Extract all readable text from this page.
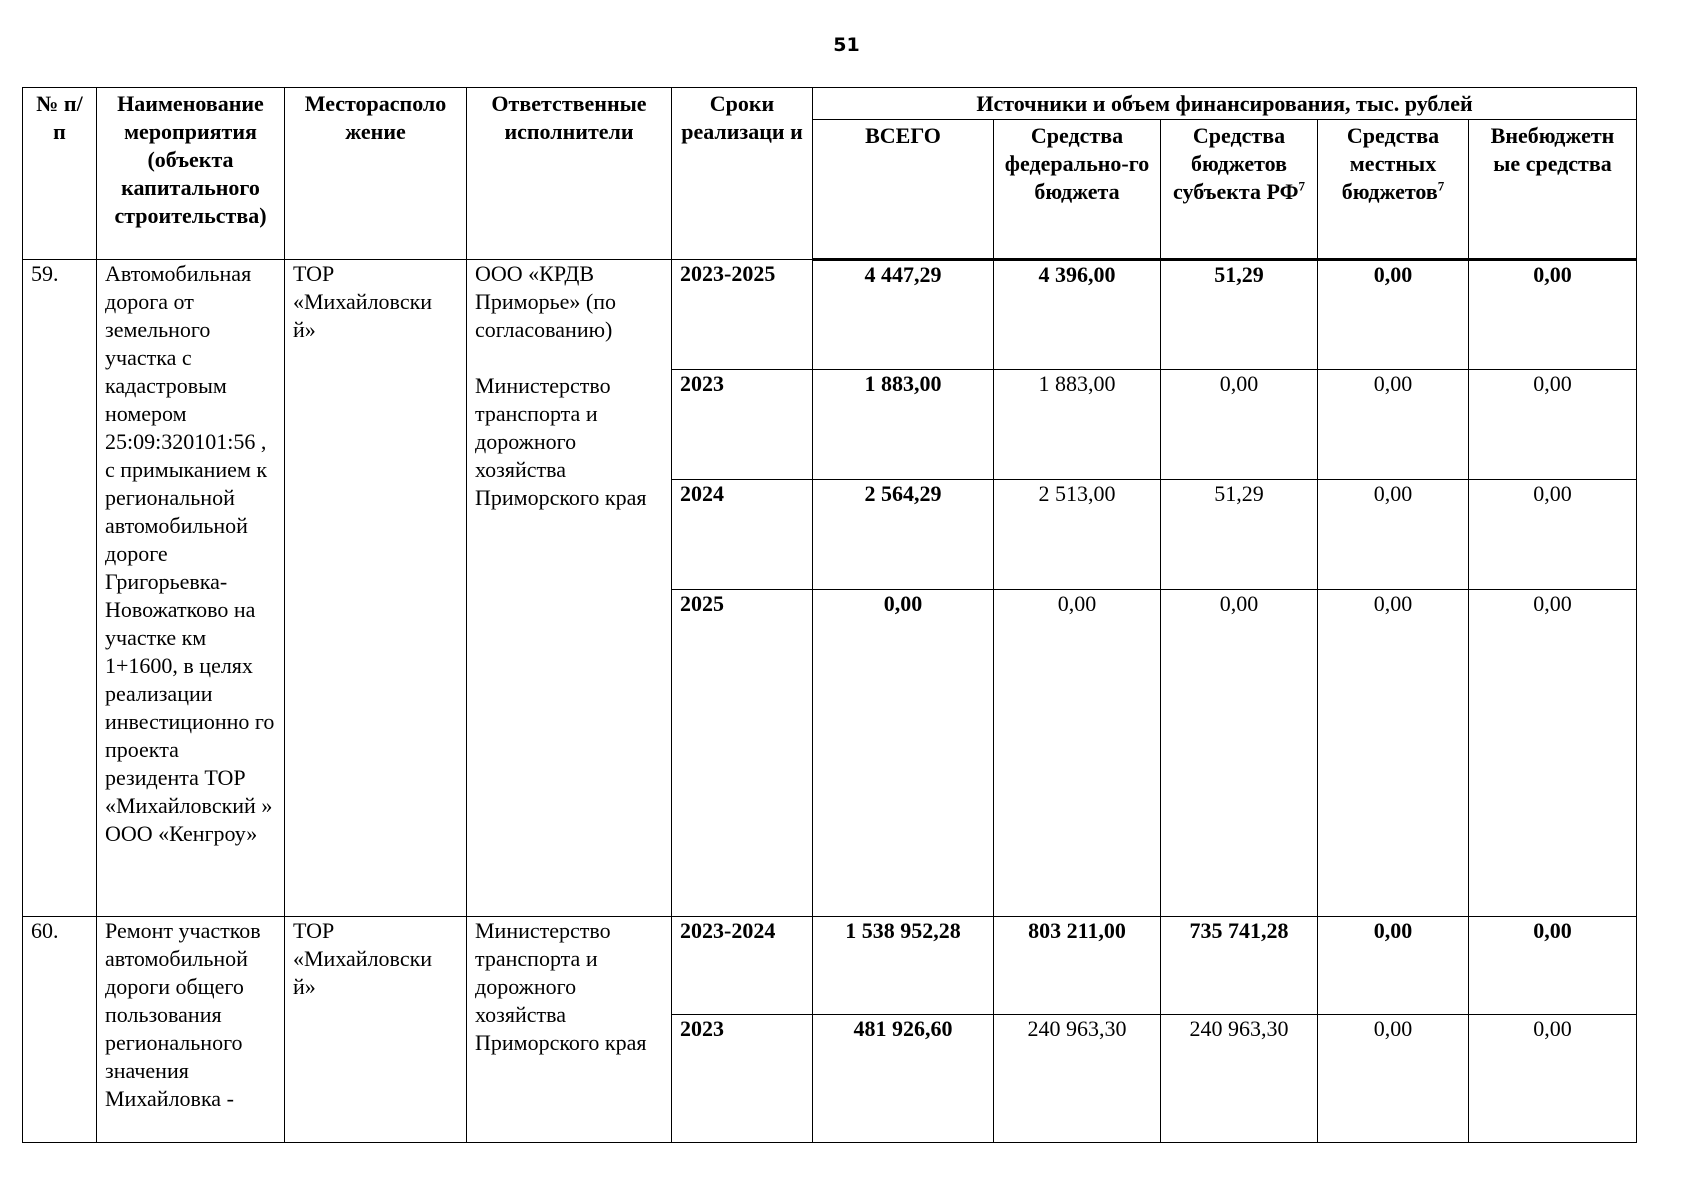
51
№ п/п	Наименование мероприятия (объекта капитального строительства)	Месторасполо жение	Ответственные исполнители	Сроки реализаци и	Источники и объем финансирования, тыс. рублей				
					ВСЕГО	Средства федерально-го бюджета	Средства бюджетов субъекта $РФ^7$	Средства местных бюджетов$^7$	Внебюджетн ые средства
59.	Автомобильная дорога от земельного участка с кадастровым номером 25:09:320101:56 , с примыканием к региональной автомобильной дороге Григорьевка-Новожатково на участке км 1+1600, в целях реализации инвестиционно го проекта резидента ТОР «Михайловский » ООО «Кенгроу»	ТОР «Михайловски й»	ООО «КРДВ Приморье» (по согласованию)
Министерство транспорта и дорожного хозяйства Приморского края	2023-2025	4 447,29	4 396,00	51,29	0,00	0,00
				2023	1 883,00	1 883,00	0,00	0,00	0,00
				2024	2 564,29	2 513,00	51,29	0,00	0,00
				2025	0,00	0,00	0,00	0,00	0,00
60.	Ремонт участков автомобильной дороги общего пользования регионального значения Михайловка -	ТОР «Михайловски й»	Министерство транспорта и дорожного хозяйства Приморского края	2023-2024	1 538 952,28	803 211,00	735 741,28	0,00	0,00
				2023	481 926,60	240 963,30	240 963,30	0,00	0,00
